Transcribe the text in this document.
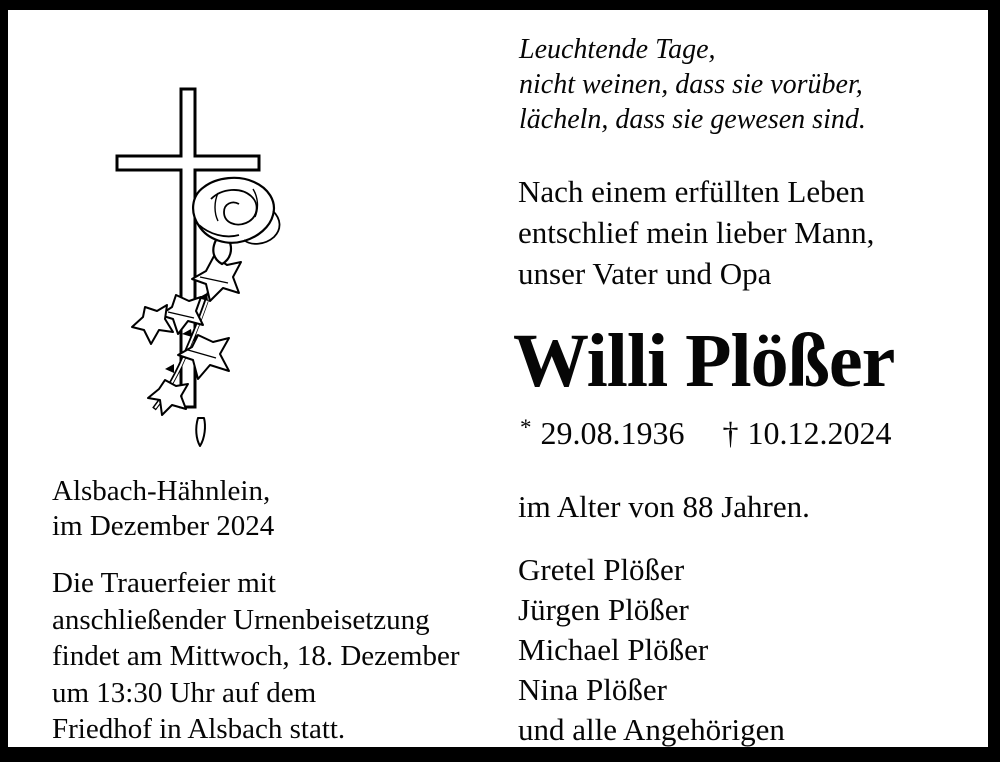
Leuchtende Tage,
nicht weinen, dass sie vorüber,
lächeln, dass sie gewesen sind.
Nach einem erfüllten Leben
entschlief mein lieber Mann,
unser Vater und Opa
Willi Plößer
* 29.08.1936 † 10.12.2024
im Alter von 88 Jahren.
Gretel Plößer
Jürgen Plößer
Michael Plößer
Nina Plößer
und alle Angehörigen
Alsbach-Hähnlein,
im Dezember 2024
Die Trauerfeier mit
anschließender Urnenbeisetzung
findet am Mittwoch, 18. Dezember
um 13:30 Uhr auf dem
Friedhof in Alsbach statt.
